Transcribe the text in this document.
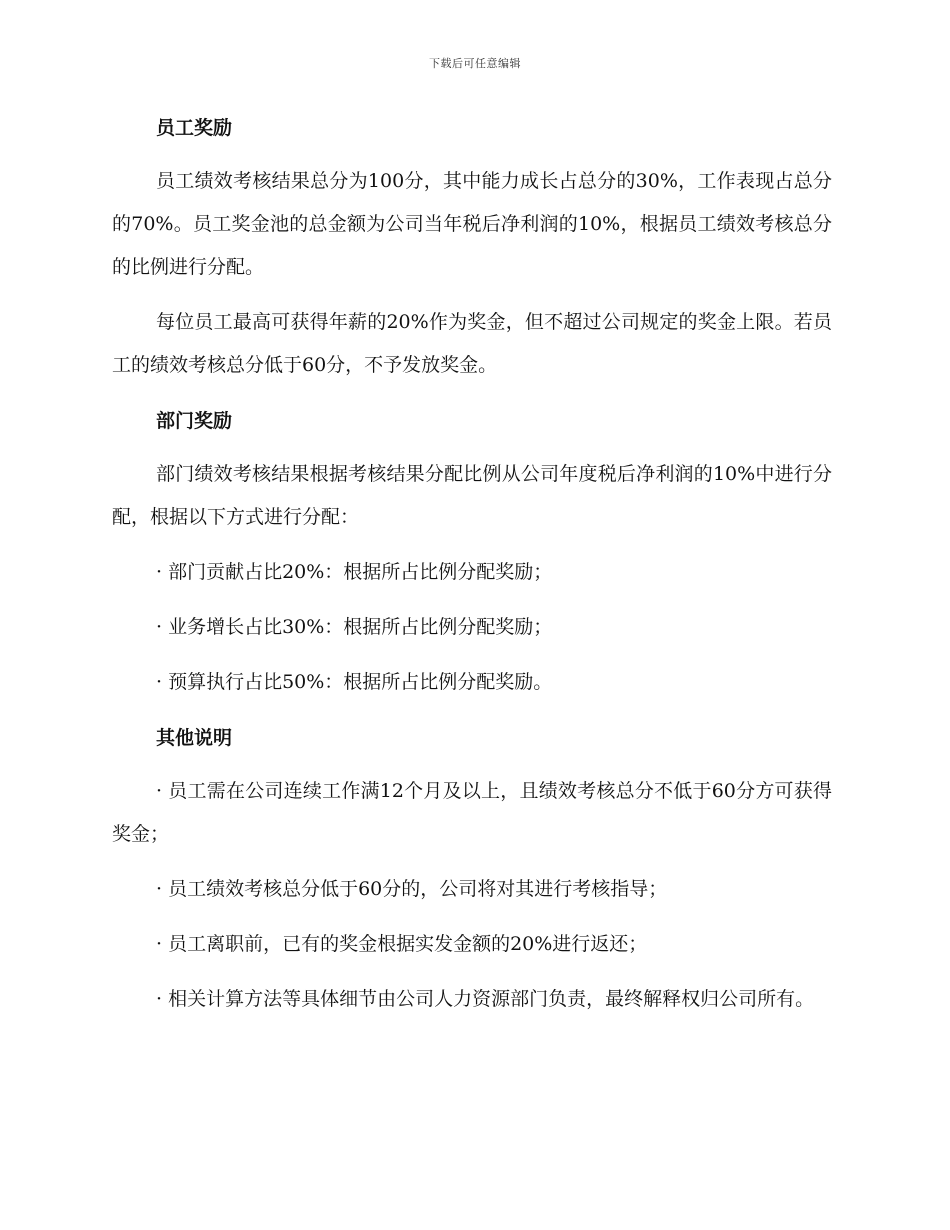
下载后可任意编辑
员工奖励

员工绩效考核结果总分为100分，其中能力成长占总分的30%，工作表现占总分的70%。员工奖金池的总金额为公司当年税后净利润的10%，根据员工绩效考核总分的比例进行分配。

每位员工最高可获得年薪的20%作为奖金，但不超过公司规定的奖金上限。若员工的绩效考核总分低于60分，不予发放奖金。

部门奖励

部门绩效考核结果根据考核结果分配比例从公司年度税后净利润的10%中进行分配，根据以下方式进行分配：

· 部门贡献占比20%：根据所占比例分配奖励；

· 业务增长占比30%：根据所占比例分配奖励；

· 预算执行占比50%：根据所占比例分配奖励。

其他说明

· 员工需在公司连续工作满12个月及以上，且绩效考核总分不低于60分方可获得奖金；

· 员工绩效考核总分低于60分的，公司将对其进行考核指导；

· 员工离职前，已有的奖金根据实发金额的20%进行返还；

· 相关计算方法等具体细节由公司人力资源部门负责，最终解释权归公司所有。
